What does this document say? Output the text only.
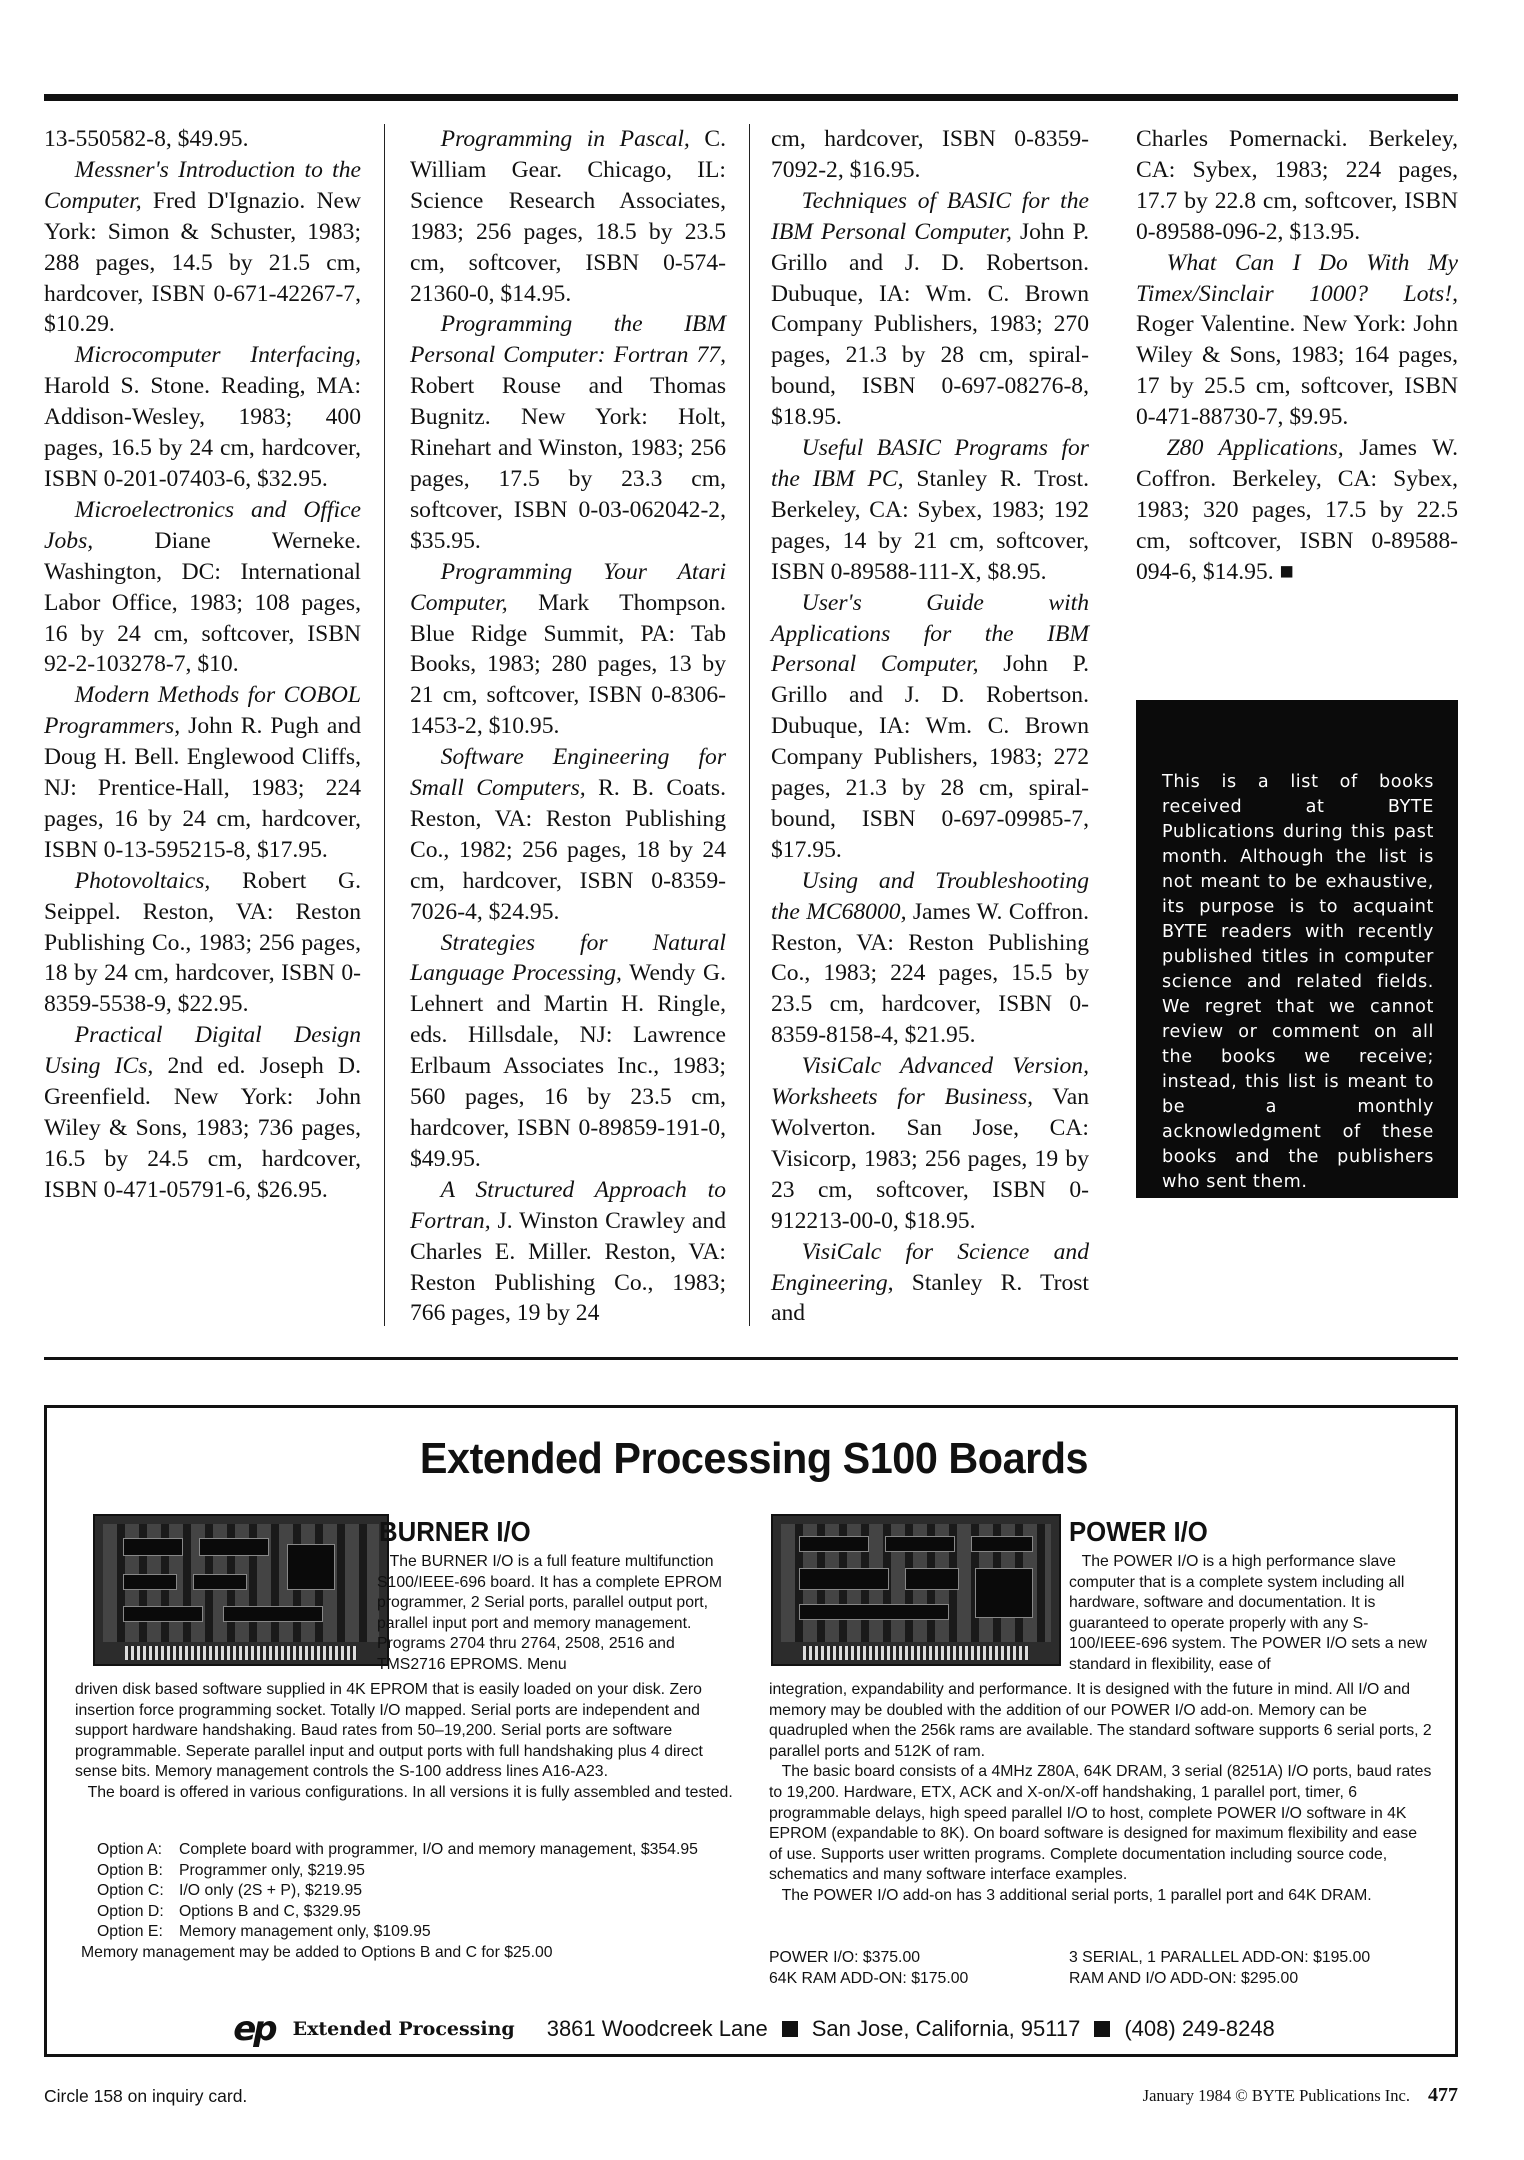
13-550582-8, $49.95.

Messner's Introduction to the Computer, Fred D'Ignazio. New York: Simon & Schuster, 1983; 288 pages, 14.5 by 21.5 cm, hardcover, ISBN 0-671-42267-7, $10.29.

Microcomputer Interfacing, Harold S. Stone. Reading, MA: Addison-Wesley, 1983; 400 pages, 16.5 by 24 cm, hardcover, ISBN 0-201-07403-6, $32.95.

Microelectronics and Office Jobs, Diane Werneke. Washington, DC: International Labor Office, 1983; 108 pages, 16 by 24 cm, softcover, ISBN 92-2-103278-7, $10.

Modern Methods for COBOL Programmers, John R. Pugh and Doug H. Bell. Englewood Cliffs, NJ: Prentice-Hall, 1983; 224 pages, 16 by 24 cm, hardcover, ISBN 0-13-595215-8, $17.95.

Photovoltaics, Robert G. Seippel. Reston, VA: Reston Publishing Co., 1983; 256 pages, 18 by 24 cm, hardcover, ISBN 0-8359-5538-9, $22.95.

Practical Digital Design Using ICs, 2nd ed. Joseph D. Greenfield. New York: John Wiley & Sons, 1983; 736 pages, 16.5 by 24.5 cm, hardcover, ISBN 0-471-05791-6, $26.95.

Programming in Pascal, C. William Gear. Chicago, IL: Science Research Associates, 1983; 256 pages, 18.5 by 23.5 cm, softcover, ISBN 0-574-21360-0, $14.95.

Programming the IBM Personal Computer: Fortran 77, Robert Rouse and Thomas Bugnitz. New York: Holt, Rinehart and Winston, 1983; 256 pages, 17.5 by 23.3 cm, softcover, ISBN 0-03-062042-2, $35.95.

Programming Your Atari Computer, Mark Thompson. Blue Ridge Summit, PA: Tab Books, 1983; 280 pages, 13 by 21 cm, softcover, ISBN 0-8306-1453-2, $10.95.

Software Engineering for Small Computers, R. B. Coats. Reston, VA: Reston Publishing Co., 1982; 256 pages, 18 by 24 cm, hardcover, ISBN 0-8359-7026-4, $24.95.

Strategies for Natural Language Processing, Wendy G. Lehnert and Martin H. Ringle, eds. Hillsdale, NJ: Lawrence Erlbaum Associates Inc., 1983; 560 pages, 16 by 23.5 cm, hardcover, ISBN 0-89859-191-0, $49.95.

A Structured Approach to Fortran, J. Winston Crawley and Charles E. Miller. Reston, VA: Reston Publishing Co., 1983; 766 pages, 19 by 24

cm, hardcover, ISBN 0-8359-7092-2, $16.95.

Techniques of BASIC for the IBM Personal Computer, John P. Grillo and J. D. Robertson. Dubuque, IA: Wm. C. Brown Company Publishers, 1983; 270 pages, 21.3 by 28 cm, spiral-bound, ISBN 0-697-08276-8, $18.95.

Useful BASIC Programs for the IBM PC, Stanley R. Trost. Berkeley, CA: Sybex, 1983; 192 pages, 14 by 21 cm, softcover, ISBN 0-89588-111-X, $8.95.

User's Guide with Applications for the IBM Personal Computer, John P. Grillo and J. D. Robertson. Dubuque, IA: Wm. C. Brown Company Publishers, 1983; 272 pages, 21.3 by 28 cm, spiral-bound, ISBN 0-697-09985-7, $17.95.

Using and Troubleshooting the MC68000, James W. Coffron. Reston, VA: Reston Publishing Co., 1983; 224 pages, 15.5 by 23.5 cm, hardcover, ISBN 0-8359-8158-4, $21.95.

VisiCalc Advanced Version, Worksheets for Business, Van Wolverton. San Jose, CA: Visicorp, 1983; 256 pages, 19 by 23 cm, softcover, ISBN 0-912213-00-0, $18.95.

VisiCalc for Science and Engineering, Stanley R. Trost and

Charles Pomernacki. Berkeley, CA: Sybex, 1983; 224 pages, 17.7 by 22.8 cm, softcover, ISBN 0-89588-096-2, $13.95.

What Can I Do With My Timex/Sinclair 1000? Lots!, Roger Valentine. New York: John Wiley & Sons, 1983; 164 pages, 17 by 25.5 cm, softcover, ISBN 0-471-88730-7, $9.95.

Z80 Applications, James W. Coffron. Berkeley, CA: Sybex, 1983; 320 pages, 17.5 by 22.5 cm, softcover, ISBN 0-89588-094-6, $14.95. ■

This is a list of books received at BYTE Publications during this past month. Although the list is not meant to be exhaustive, its purpose is to acquaint BYTE readers with recently published titles in computer science and related fields. We regret that we cannot review or comment on all the books we receive; instead, this list is meant to be a monthly acknowledgment of these books and the publishers who sent them.

Extended Processing S100 Boards
BURNER I/O

The BURNER I/O is a full feature multifunction S100/IEEE-696 board. It has a complete EPROM programmer, 2 Serial ports, parallel output port, parallel input port and memory management. Programs 2704 thru 2764, 2508, 2516 and TMS2716 EPROMS. Menu

driven disk based software supplied in 4K EPROM that is easily loaded on your disk. Zero insertion force programming socket. Totally I/O mapped. Serial ports are independent and support hardware handshaking. Baud rates from 50–19,200. Serial ports are software programmable. Seperate parallel input and output ports with full handshaking plus 4 direct sense bits. Memory management controls the S-100 address lines A16-A23.

The board is offered in various configurations. In all versions it is fully assembled and tested.

Option A:	Complete board with programmer, I/O and memory management, $354.95
Option B:	Programmer only, $219.95
Option C: I/O only (2S + P), $219.95
Option D: Options B and C, $329.95
Option E:	Memory management only, $109.95
Memory management may be added to Options B and C for $25.00
POWER I/O

The POWER I/O is a high performance slave computer that is a complete system including all hardware, software and documentation. It is guaranteed to operate properly with any S-100/IEEE-696 system. The POWER I/O sets a new standard in flexibility, ease of

integration, expandability and performance. It is designed with the future in mind. All I/O and memory may be doubled with the addition of our POWER I/O add-on. Memory can be quadrupled when the 256k rams are available. The standard software supports 6 serial ports, 2 parallel ports and 512K of ram.

The basic board consists of a 4MHz Z80A, 64K DRAM, 3 serial (8251A) I/O ports, baud rates to 19,200. Hardware, ETX, ACK and X-on/X-off handshaking, 1 parallel port, timer, 6 programmable delays, high speed parallel I/O to host, complete POWER I/O software in 4K EPROM (expandable to 8K). On board software is designed for maximum flexibility and ease of use. Supports user written programs. Complete documentation including source code, schematics and many software interface examples.

The POWER I/O add-on has 3 additional serial ports, 1 parallel port and 64K DRAM.

POWER I/O: $375.00	3 SERIAL, 1 PARALLEL ADD-ON: $195.00
64K RAM ADD-ON: $175.00	RAM AND I/O ADD-ON: $295.00
ep Extended Processing 3861 Woodcreek Lane San Jose, California, 95117 (408) 249-8248
Circle 158 on inquiry card.	January 1984 © BYTE Publications Inc. 477
